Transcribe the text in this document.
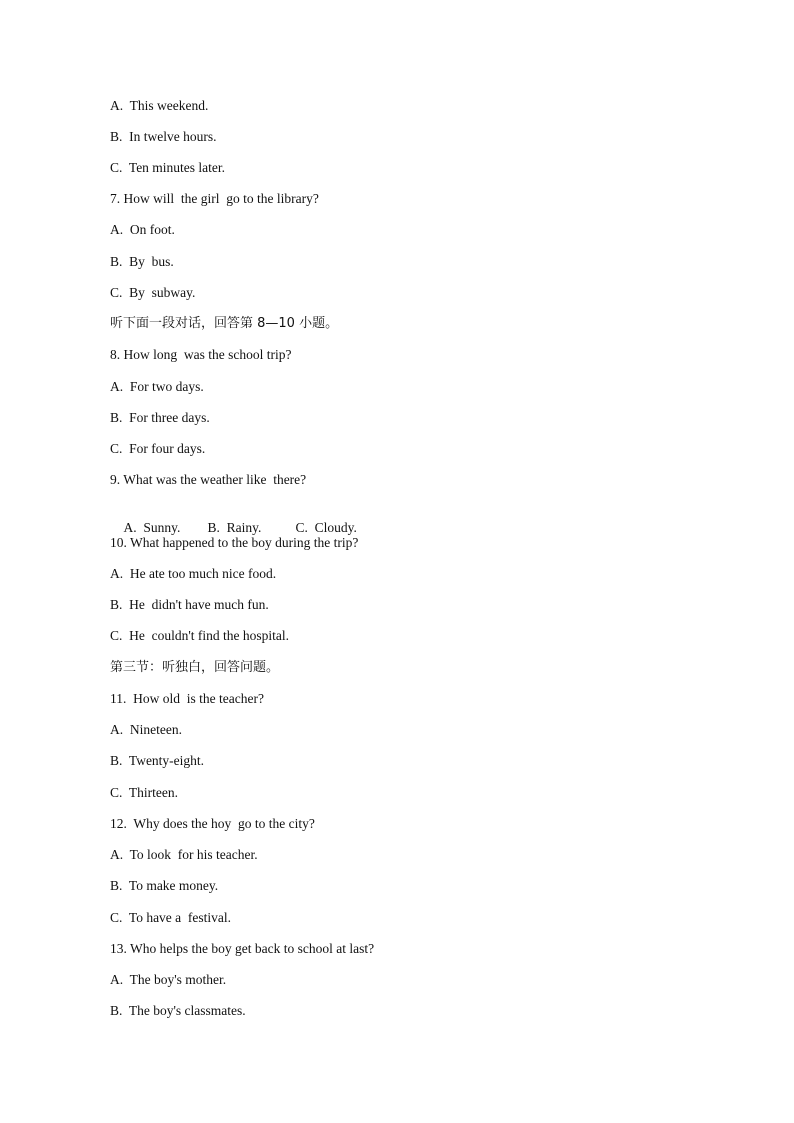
A.  This weekend.
B.  In twelve hours.
C.  Ten minutes later.
7. How will  the girl  go to the library?
A.  On foot.
B.  By  bus.
C.  By  subway.
听下面一段对话，回答第 8—10 小题。
8. How long  was the school trip?
A.  For two days.
B.  For three days.
C.  For four days.
9. What was the weather like  there?

A.  Sunny. B.  Rainy.	C.  Cloudy.

10. What happened to the boy during the trip?
A.  He ate too much nice food.
B.  He  didn't have much fun.
C.  He  couldn't find the hospital.
第三节：听独白，回答问题。
11.  How old  is the teacher?
A.  Nineteen.
B.  Twenty-eight.
C.  Thirteen.
12.  Why does the hoy  go to the city?
A.  To look  for his teacher.
B.  To make money.
C.  To have a  festival.
13. Who helps the boy get back to school at last?
A.  The boy's mother.
B.  The boy's classmates.
